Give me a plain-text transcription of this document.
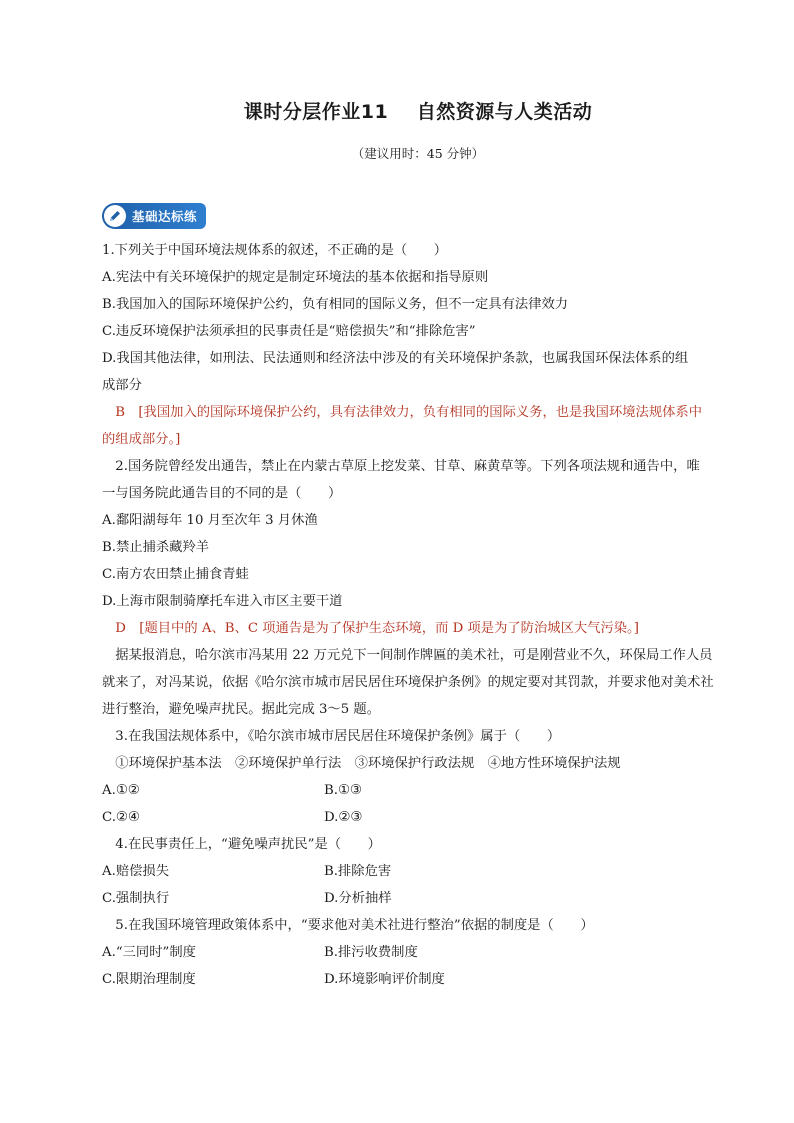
课时分层作业11    自然资源与人类活动
（建议用时：45 分钟）
基础达标练
1.下列关于中国环境法规体系的叙述，不正确的是（　　）
A.宪法中有关环境保护的规定是制定环境法的基本依据和指导原则
B.我国加入的国际环境保护公约，负有相同的国际义务，但不一定具有法律效力
C.违反环境保护法须承担的民事责任是“赔偿损失”和“排除危害”
D.我国其他法律，如刑法、民法通则和经济法中涉及的有关环境保护条款，也属我国环保法体系的组
成部分
　B　[我国加入的国际环境保护公约，具有法律效力，负有相同的国际义务，也是我国环境法规体系中
的组成部分。]
　2.国务院曾经发出通告，禁止在内蒙古草原上挖发菜、甘草、麻黄草等。下列各项法规和通告中，唯
一与国务院此通告目的不同的是（　　）
A.鄱阳湖每年 10 月至次年 3 月休渔
B.禁止捕杀藏羚羊
C.南方农田禁止捕食青蛙
D.上海市限制骑摩托车进入市区主要干道
　D　[题目中的 A、B、C 项通告是为了保护生态环境，而 D 项是为了防治城区大气污染。]
　据某报消息，哈尔滨市冯某用 22 万元兑下一间制作牌匾的美术社，可是刚营业不久，环保局工作人员
就来了，对冯某说，依据《哈尔滨市城市居民居住环境保护条例》的规定要对其罚款，并要求他对美术社
进行整治，避免噪声扰民。据此完成 3～5 题。
　3.在我国法规体系中，《哈尔滨市城市居民居住环境保护条例》属于（　　）
　①环境保护基本法　②环境保护单行法　③环境保护行政法规　④地方性环境保护法规
A.①②	B.①③
C.②④	D.②③
　4.在民事责任上，“避免噪声扰民”是（　　）
A.赔偿损失	B.排除危害
C.强制执行	D.分析抽样
　5.在我国环境管理政策体系中，“要求他对美术社进行整治”依据的制度是（　　）
A.“三同时”制度	B.排污收费制度
C.限期治理制度	D.环境影响评价制度
